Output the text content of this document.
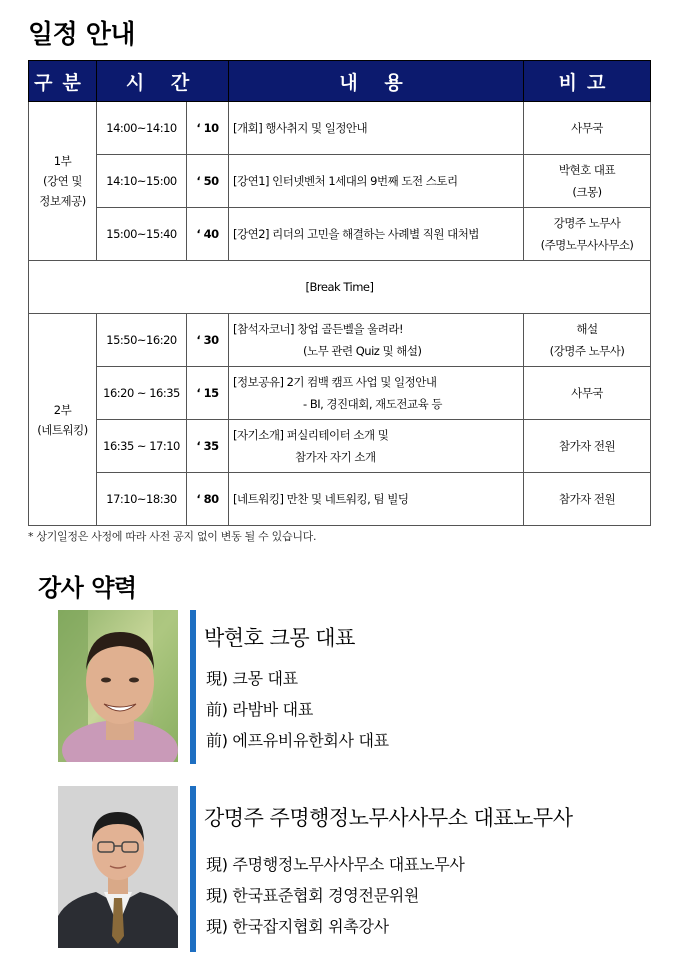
일정 안내
구분	시 간		내 용	비고
1부
(강연 및
정보제공)	14:00~14:10	‘ 10	[개회] 행사취지 및 일정안내	사무국
	14:10~15:00	‘ 50	[강연1] 인터넷벤처 1세대의 9번째 도전 스토리	박현호 대표
(크몽)
	15:00~15:40	‘ 40	[강연2] 리더의 고민을 해결하는 사례별 직원 대처법	강명주 노무사
(주명노무사사무소)
[Break Time]				
2부
(네트워킹)	15:50~16:20	‘ 30	[참석자코너] 창업 골든벨을 울려라!
(노무 관련 Quiz 및 해설)	해설
(강명주 노무사)
	16:20 ~ 16:35	‘ 15	[정보공유] 2기 컴백 캠프 사업 및 일정안내
- BI, 경진대회, 재도전교육 등	사무국
	16:35 ~ 17:10	‘ 35	[자기소개] 퍼실리테이터 소개 및
참가자 자기 소개	참가자 전원
	17:10~18:30	‘ 80	[네트워킹] 만찬 및 네트워킹, 팀 빌딩	참가자 전원
* 상기일정은 사정에 따라 사전 공지 없이 변동 될 수 있습니다.
강사 약력
박현호 크몽 대표
現) 크몽 대표
前) 라밤바 대표
前) 에프유비유한회사 대표
강명주 주명행정노무사사무소 대표노무사
現) 주명행정노무사사무소 대표노무사
現) 한국표준협회 경영전문위원
現) 한국잡지협회 위촉강사
